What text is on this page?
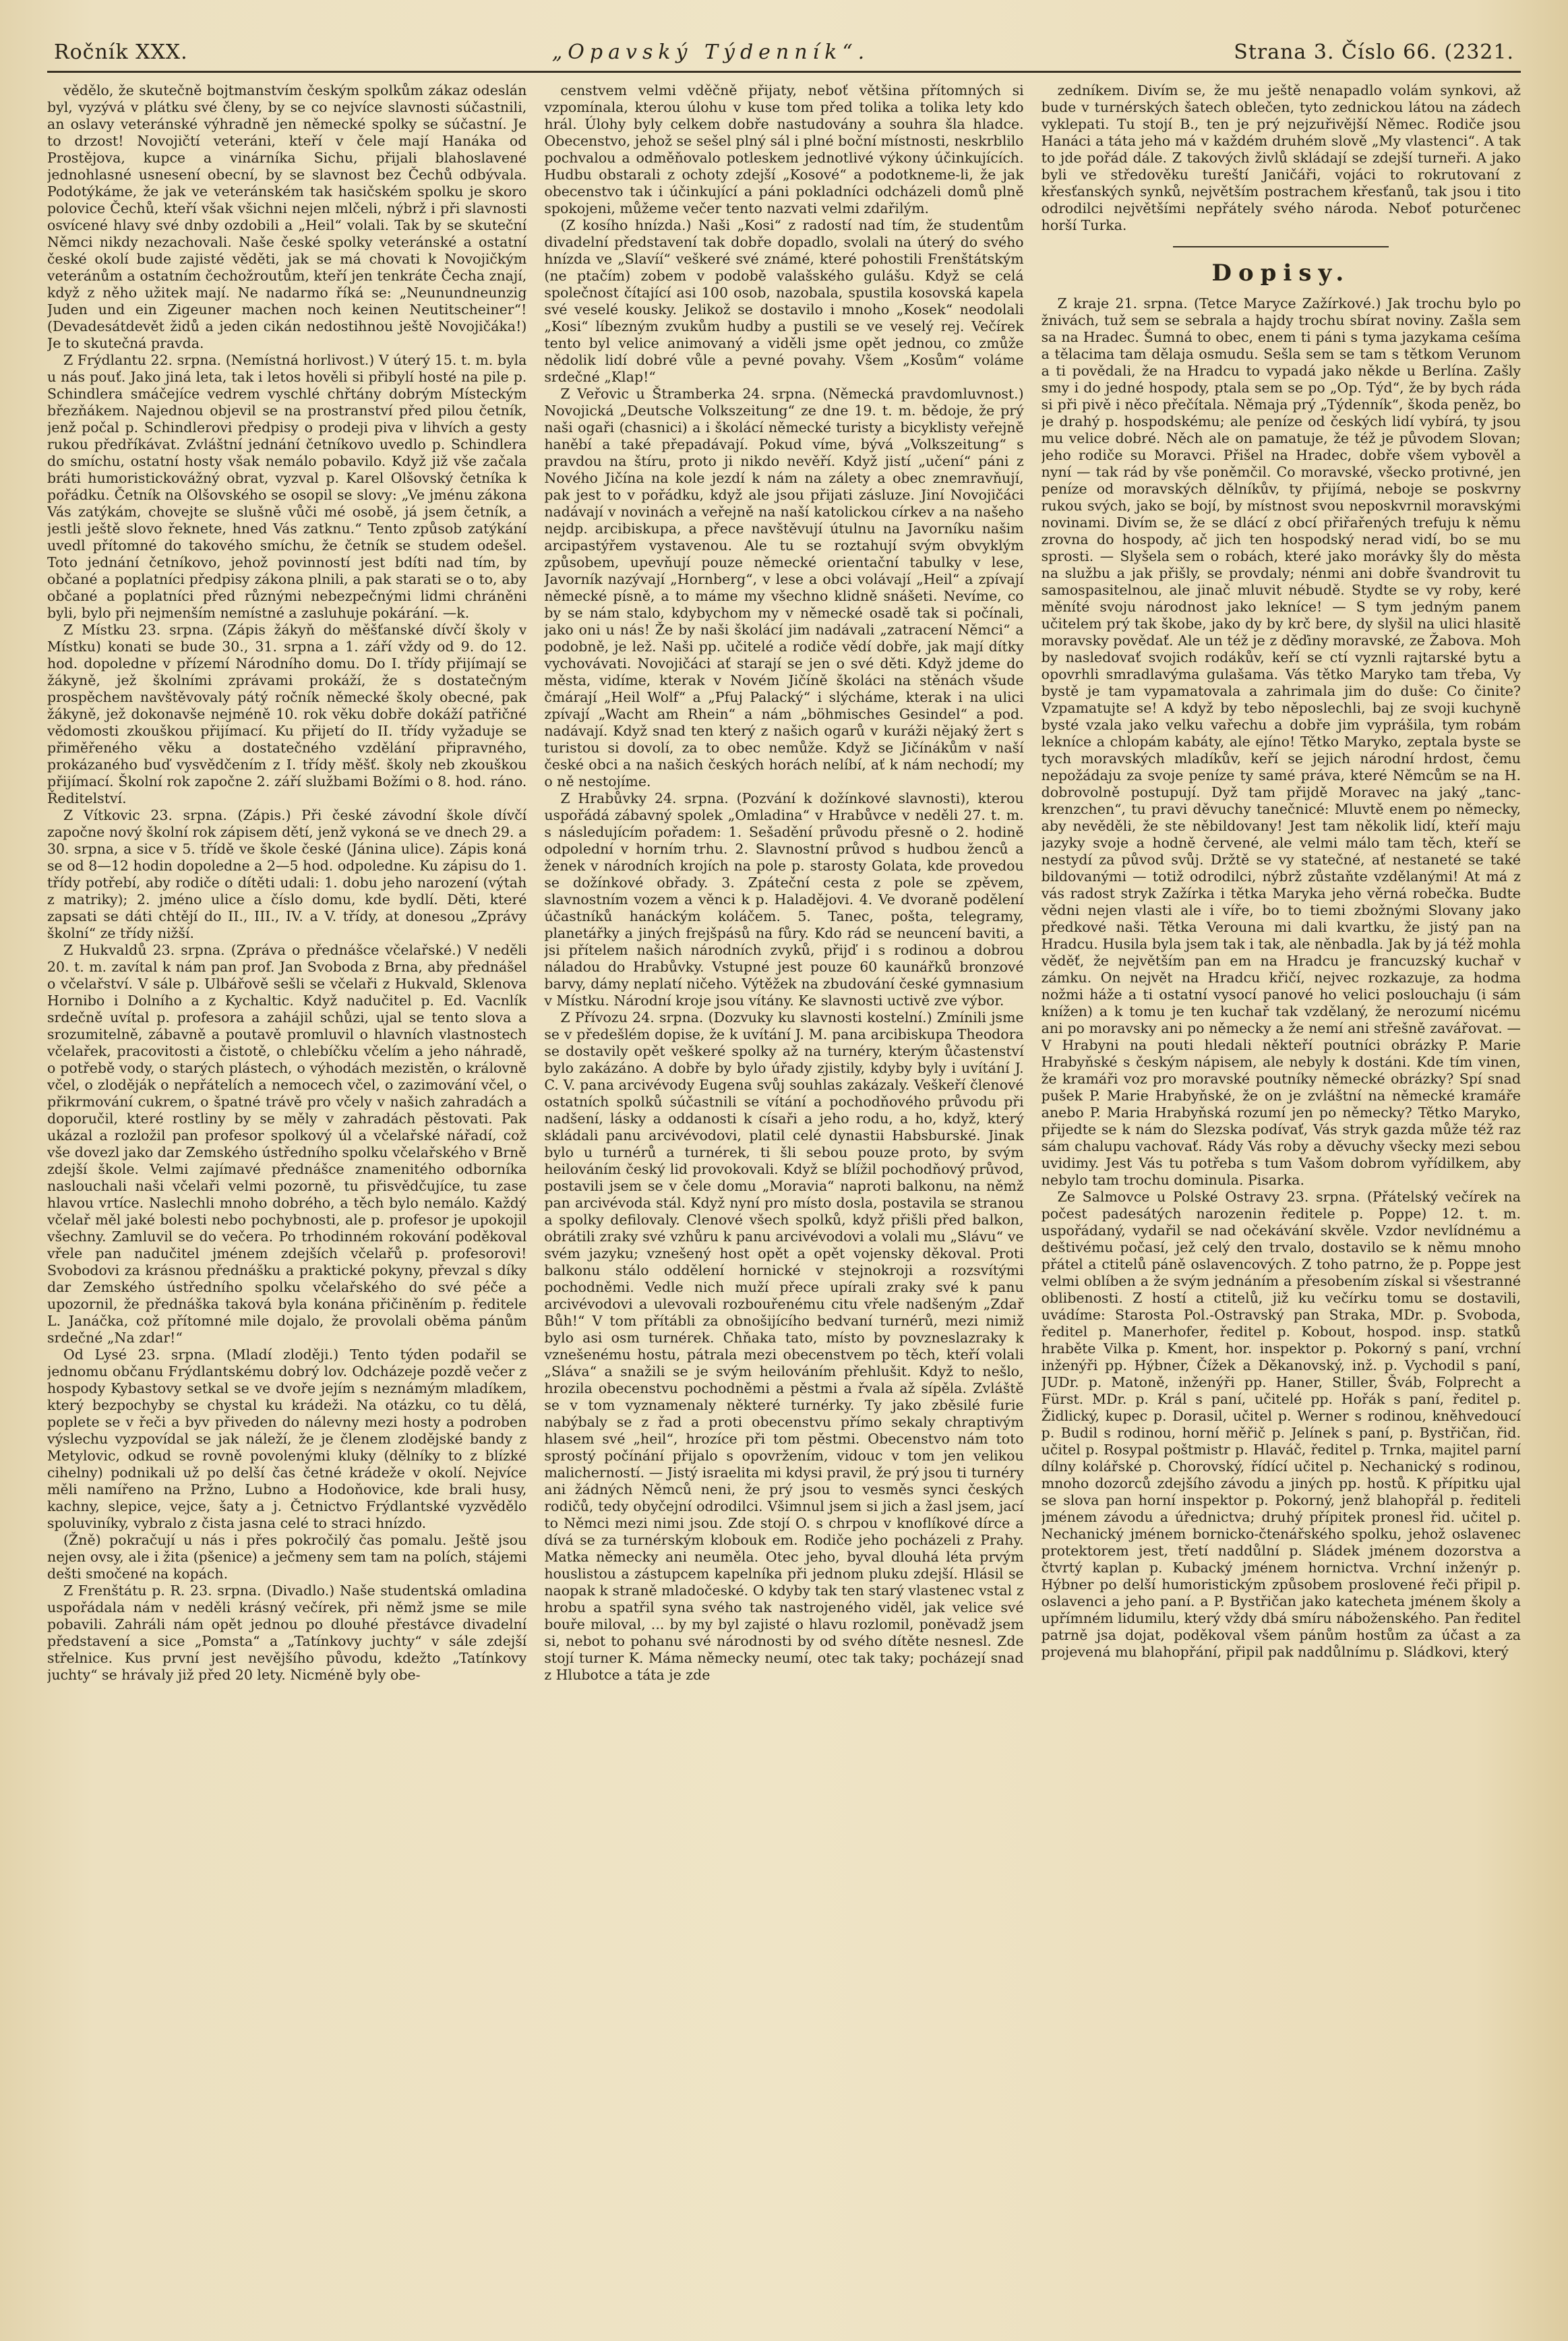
Ročník XXX.	„Opavský Týdenník“.	Strana 3. Číslo 66. (2321.

vědělo, že skutečně bojtmanstvím českým spolkům zákaz odeslán byl, vyzývá v plátku své členy, by se co nejvíce slavnosti súčastnili, an oslavy veteránské výhradně jen německé spolky se súčastní. Je to drzost! Novojičtí veteráni, kteří v čele mají Hanáka od Prostějova, kupce a vinárníka Sichu, přijali blahoslavené jednohlasné usnesení obecní, by se slavnost bez Čechů odbývala. Podotýkáme, že jak ve veteránském tak hasičském spolku je skoro polovice Čechů, kteří však všichni nejen mlčeli, nýbrž i při slavnosti osvícené hlavy své dnby ozdobili a „Heil“ volali. Tak by se skuteční Němci nikdy nezachovali. Naše české spolky veteránské a ostatní české okolí bude zajisté věděti, jak se má chovati k Novojičkým veteránům a ostatním čechožroutům, kteří jen tenkráte Čecha znají, když z něho užitek mají. Ne nadarmo říká se: „Neunundneunzig Juden und ein Zigeuner machen noch keinen Neutitscheiner“! (Devadesátdevět židů a jeden cikán nedostihnou ještě Novojičáka!) Je to skutečná pravda.

Z Frýdlantu 22. srpna. (Nemístná horlivost.) V úterý 15. t. m. byla u nás pouť. Jako jiná leta, tak i letos hověli si přibylí hosté na pile p. Schindlera smáčejíce vedrem vyschlé chřtány dobrým Místeckým březňákem. Najednou objevil se na prostranství před pilou četník, jenž počal p. Schindlerovi předpisy o prodeji piva v lihvích a gesty rukou předříkávat. Zvláštní jednání četníkovo uvedlo p. Schindlera do smíchu, ostatní hosty však nemálo pobavilo. Když již vše začala bráti humoristickovážný obrat, vyzval p. Karel Olšovský četníka k pořádku. Četník na Olšovského se osopil se slovy: „Ve jménu zákona Vás zatýkám, chovejte se slušně vůči mé osobě, já jsem četník, a jestli ještě slovo řeknete, hned Vás zatknu.“ Tento způsob zatýkání uvedl přítomné do takového smíchu, že četník se studem odešel. Toto jednání četníkovo, jehož povinností jest bdíti nad tím, by občané a poplatníci předpisy zákona plnili, a pak starati se o to, aby občané a poplatníci před různými nebezpečnými lidmi chráněni byli, bylo při nejmenším nemístné a zasluhuje pokárání. —k.

Z Místku 23. srpna. (Zápis žákyň do měšťanské dívčí školy v Místku) konati se bude 30., 31. srpna a 1. září vždy od 9. do 12. hod. dopoledne v přízemí Národního domu. Do I. třídy přijímají se žákyně, jež školními zprávami prokáží, že s dostatečným prospěchem navštěvovaly pátý ročník německé školy obecné, pak žákyně, jež dokonavše nejméně 10. rok věku dobře dokáží patřičné vědomosti zkouškou přijímací. Ku přijetí do II. třídy vyžaduje se přiměřeného věku a dostatečného vzdělání připravného, prokázaného buď vysvědčením z I. třídy měšť. školy neb zkouškou přijímací. Školní rok započne 2. září službami Božími o 8. hod. ráno. Ředitelství.

Z Vítkovic 23. srpna. (Zápis.) Při české závodní škole dívčí započne nový školní rok zápisem dětí, jenž vykoná se ve dnech 29. a 30. srpna, a sice v 5. třídě ve škole české (Jánina ulice). Zápis koná se od 8—12 hodin dopoledne a 2—5 hod. odpoledne. Ku zápisu do 1. třídy potřebí, aby rodiče o dítěti udali: 1. dobu jeho narození (výtah z matriky); 2. jméno ulice a číslo domu, kde bydlí. Děti, které zapsati se dáti chtějí do II., III., IV. a V. třídy, at donesou „Zprávy školní“ ze třídy nižší.

Z Hukvaldů 23. srpna. (Zpráva o přednášce včelařské.) V neděli 20. t. m. zavítal k nám pan prof. Jan Svoboda z Brna, aby přednášel o včelařství. V sále p. Ulbářově sešli se včelaři z Hukvald, Sklenova Hornibo i Dolního a z Kychaltic. Když nadučitel p. Ed. Vacnlík srdečně uvítal p. profesora a zahájil schůzi, ujal se tento slova a srozumitelně, zábavně a poutavě promluvil o hlavních vlastnostech včelařek, pracovitosti a čistotě, o chlebíčku včelím a jeho náhradě, o potřebě vody, o starých plástech, o výhodách mezistěn, o královně včel, o zloděják o nepřátelích a nemocech včel, o zazimování včel, o přikrmování cukrem, o špatné trávě pro včely v našich zahradách a doporučil, které rostliny by se měly v zahradách pěstovati. Pak ukázal a rozložil pan profesor spolkový úl a včelařské nářadí, což vše dovezl jako dar Zemského ústředního spolku včelařského v Brně zdejší škole. Velmi zajímavé přednášce znamenitého odborníka naslouchali naši včelaři velmi pozorně, tu přisvědčujíce, tu zase hlavou vrtíce. Naslechli mnoho dobrého, a těch bylo nemálo. Každý včelař měl jaké bolesti nebo pochybnosti, ale p. profesor je upokojil všechny. Zamluvil se do večera. Po trhodinném rokování poděkoval vřele pan nadučitel jménem zdejších včelařů p. profesorovi! Svobodovi za krásnou přednášku a praktické pokyny, převzal s díky dar Zemského ústředního spolku včelařského do své péče a upozornil, že přednáška taková byla konána přičiněním p. ředitele L. Janáčka, což přítomné mile dojalo, že provolali oběma pánům srdečné „Na zdar!“

Od Lysé 23. srpna. (Mladí zloději.) Tento týden podařil se jednomu občanu Frýdlantskému dobrý lov. Odcházeje pozdě večer z hospody Kybastovy setkal se ve dvoře jejím s neznámým mladíkem, který bezpochyby se chystal ku krádeži. Na otázku, co tu dělá, poplete se v řeči a byv přiveden do nálevny mezi hosty a podroben výslechu vyzpovídal se jak náleží, že je členem zlodějské bandy z Metylovic, odkud se rovně povolenými kluky (dělníky to z blízké cihelny) podnikali už po delší čas četné krádeže v okolí. Nejvíce měli namířeno na Pržno, Lubno a Hodoňovice, kde brali husy, kachny, slepice, vejce, šaty a j. Četnictvo Frýdlantské vyzvědělo spoluviníky, vybralo z čista jasna celé to straci hnízdo.

(Žně) pokračují u nás i přes pokročilý čas pomalu. Ještě jsou nejen ovsy, ale i žita (pšenice) a ječmeny sem tam na polích, stájemi dešti smočené na kopách.

Z Frenštátu p. R. 23. srpna. (Divadlo.) Naše studentská omladina uspořádala nám v neděli krásný večírek, při němž jsme se mile pobavili. Zahráli nám opět jednou po dlouhé přestávce divadelní představení a sice „Pomsta“ a „Tatínkovy juchty“ v sále zdejší střelnice. Kus první jest nevějšího původu, kdežto „Tatínkovy juchty“ se hrávaly již před 20 lety. Nicméně byly obe-

censtvem velmi vděčně přijaty, neboť většina přítomných si vzpomínala, kterou úlohu v kuse tom před tolika a tolika lety kdo hrál. Úlohy byly celkem dobře nastudovány a souhra šla hladce. Obecenstvo, jehož se sešel plný sál i plné boční místnosti, neskrblilo pochvalou a odměňovalo potleskem jednotlivé výkony účinkujících. Hudbu obstarali z ochoty zdejší „Kosové“ a podotkneme-li, že jak obecenstvo tak i účinkující a páni pokladníci odcházeli domů plně spokojeni, můžeme večer tento nazvati velmi zdařilým.

(Z kosího hnízda.) Naši „Kosi“ z radostí nad tím, že studentům divadelní představení tak dobře dopadlo, svolali na úterý do svého hnízda ve „Slavíí“ veškeré své známé, které pohostili Frenštátským (ne ptačím) zobem v podobě valašského gulášu. Když se celá společnost čítající asi 100 osob, nazobala, spustila kosovská kapela své veselé kousky. Jelikož se dostavilo i mnoho „Kosek“ neodolali „Kosi“ líbezným zvukům hudby a pustili se ve veselý rej. Večírek tento byl velice animovaný a viděli jsme opět jednou, co zmůže nědolik lidí dobré vůle a pevné povahy. Všem „Kosům“ voláme srdečné „Klap!“

Z Veřovic u Štramberka 24. srpna. (Německá pravdomluvnost.) Novojická „Deutsche Volkszeitung“ ze dne 19. t. m. bědoje, že prý naši ogaři (chasnici) a i školácí německé turisty a bicyklisty veřejně haněbí a také přepadávají. Pokud víme, bývá „Volkszeitung“ s pravdou na štíru, proto ji nikdo nevěří. Když jistí „učení“ páni z Nového Jičína na kole jezdí k nám na zálety a obec znemravňují, pak jest to v pořádku, když ale jsou přijati zásluze. Jiní Novojičáci nadávají v novinách a veřejně na naší katolickou církev a na našeho nejdp. arcibiskupa, a přece navštěvují útulnu na Javorníku našim arcipastýřem vystavenou. Ale tu se roztahují svým obvyklým způsobem, upevňují pouze německé orientační tabulky v lese, Javorník nazývají „Hornberg“, v lese a obci volávají „Heil“ a zpívají německé písně, a to máme my všechno klidně snášeti. Nevíme, co by se nám stalo, kdybychom my v německé osadě tak si počínali, jako oni u nás! Že by naši školácí jim nadávali „zatracení Němci“ a podobně, je lež. Naši pp. učitelé a rodiče vědí dobře, jak mají dítky vychovávati. Novojičáci ať starají se jen o své děti. Když jdeme do města, vidíme, kterak v Novém Jičíně školáci na stěnách všude čmárají „Heil Wolf“ a „Pfuj Palacký“ i slýcháme, kterak i na ulici zpívají „Wacht am Rhein“ a nám „böhmisches Gesindel“ a pod. nadávají. Když snad ten který z našich ogarů v kuráži nějaký žert s turistou si dovolí, za to obec nemůže. Když se Jičínákům v naší české obci a na našich českých horách nelíbí, ať k nám nechodí; my o ně nestojíme.

Z Hrabůvky 24. srpna. (Pozvání k dožínkové slavnosti), kterou uspořádá zábavný spolek „Omladina“ v Hrabůvce v neděli 27. t. m. s následujícím pořadem: 1. Sešadění průvodu přesně o 2. hodině odpolední v horním trhu. 2. Slavnostní průvod s hudbou ženců a ženek v národních krojích na pole p. starosty Golata, kde provedou se dožínkové obřady. 3. Zpáteční cesta z pole se zpěvem, slavnostním vozem a věnci k p. Haladějovi. 4. Ve dvoraně podělení účastníků hanáckým koláčem. 5. Tanec, pošta, telegramy, planetářky a jiných frejšpásů na fůry. Kdo rád se neuncení baviti, a jsi přítelem našich národních zvyků, přijď i s rodinou a dobrou náladou do Hrabůvky. Vstupné jest pouze 60 kaunářků bronzové barvy, dámy neplatí ničeho. Výtěžek na zbudování české gymnasium v Místku. Národní kroje jsou vítány. Ke slavnosti uctivě zve výbor.

Z Přívozu 24. srpna. (Dozvuky ku slavnosti kostelní.) Zmínili jsme se v předešlém dopise, že k uvítání J. M. pana arcibiskupa Theodora se dostavily opět veškeré spolky až na turnéry, kterým ůčastenství bylo zakázáno. A dobře by bylo úřady zjistily, kdyby byly i uvítání J. C. V. pana arcivévody Eugena svůj souhlas zakázaly. Veškeří členové ostatních spolků súčastnili se vítání a pochodňového průvodu při nadšení, lásky a oddanosti k císaři a jeho rodu, a ho, když, který skládali panu arcivévodovi, platil celé dynastii Habsburské. Jinak bylo u turnérů a turnérek, ti šli sebou pouze proto, by svým heilováním český lid provokovali. Když se blížil pochodňový průvod, postavili jsem se v čele domu „Moravia“ naproti balkonu, na němž pan arcivévoda stál. Když nyní pro místo dosla, postavila se stranou a spolky defilovaly. Clenové všech spolků, když přišli před balkon, obrátili zraky své vzhůru k panu arcivévodovi a volali mu „Slávu“ ve svém jazyku; vznešený host opět a opět vojensky děkoval. Proti balkonu stálo oddělení hornické v stejnokroji a rozsvítými pochodněmi. Vedle nich muží přece upírali zraky své k panu arcivévodovi a ulevovali rozbouřenému citu vřele nadšeným „Zdař Bůh!“ V tom přítábli za obnošijícího bedvaní turnérů, mezi nimiž bylo asi osm turnérek. Chňaka tato, místo by povzneslazraky k vznešenému hostu, pátrala mezi obecenstvem po těch, kteří volali „Sláva“ a snažili se je svým heilováním přehlušit. Když to nešlo, hrozila obecenstvu pochodněmi a pěstmi a řvala až sípěla. Zvláště se v tom vyznamenaly některé turnérky. Ty jako zběsilé furie nabýbaly se z řad a proti obecenstvu přímo sekaly chraptivým hlasem své „heil“, hrozíce při tom pěstmi. Obecenstvo nám toto sprostý počínání přijalo s opovržením, vidouc v tom jen velikou malicherností. — Jistý israelita mi kdysi pravil, že prý jsou ti turnéry ani žádných Němců neni, že prý jsou to vesměs synci českých rodičů, tedy obyčejní odrodilci. Všimnul jsem si jich a žasl jsem, jací to Němci mezi nimi jsou. Zde stojí O. s chrpou v knoflíkové dírce a dívá se za turnérským klobouk em. Rodiče jeho pocházeli z Prahy. Matka německy ani neuměla. Otec jeho, byval dlouhá léta prvým houslistou a zástupcem kapelníka při jednom pluku zdejší. Hlásil se naopak k straně mladočeské. O kdyby tak ten starý vlastenec vstal z hrobu a spatřil syna svého tak nastrojeného viděl, jak velice své bouře miloval, ... by my byl zajisté o hlavu rozlomil, poněvadž jsem si, nebot to pohanu své národnosti by od svého dítěte nesnesl. Zde stojí turner K. Máma německy neumí, otec tak taky; pocházejí snad z Hlubotce a táta je zde

zedníkem. Divím se, že mu ještě nenapadlo volám synkovi, až bude v turnérských šatech oblečen, tyto zednickou látou na zádech vyklepati. Tu stojí B., ten je prý nejzuřivější Němec. Rodiče jsou Hanáci a táta jeho má v každém druhém slově „My vlastenci“. A tak to jde pořád dále. Z takových živlů skládají se zdejší turneři. A jako byli ve středověku tureští Janičáři, vojáci to rokrutovaní z křesťanských synků, největším postrachem křesťanů, tak jsou i tito odrodilci největšími nepřátely svého národa. Neboť poturčenec horší Turka.

Dopisy.

Z kraje 21. srpna. (Tetce Maryce Zažírkové.) Jak trochu bylo po žnivách, tuž sem se sebrala a hajdy trochu sbírat noviny. Zašla sem sa na Hradec. Šumná to obec, enem ti páni s tyma jazykama cešíma a tělacima tam dělaja osmudu. Sešla sem se tam s tětkom Verunom a ti povědali, že na Hradcu to vypadá jako někde u Berlína. Zašly smy i do jedné hospody, ptala sem se po „Op. Týd“, že by bych ráda si při pivě i něco přečítala. Němaja prý „Týdenník“, škoda peněz, bo je drahý p. hospodskému; ale peníze od českých lidí vybírá, ty jsou mu velice dobré. Něch ale on pamatuje, že též je původem Slovan; jeho rodiče su Moravci. Přišel na Hradec, dobře všem vybověl a nyní — tak rád by vše poněmčil. Co moravské, všecko protivné, jen peníze od moravských dělníkův, ty přijímá, neboje se poskvrny rukou svých, jako se bojí, by místnost svou neposkvrnil moravskými novinami. Divím se, že se dlácí z obcí přiřařených trefuju k němu zrovna do hospody, ač jich ten hospodský nerad vidí, bo se mu sprosti. — Slyšela sem o robách, které jako morávky šly do města na službu a jak přišly, se provdaly; nénmi ani dobře švandrovit tu samospasitelnou, ale jinač mluvit nébudě. Stydte se vy roby, keré měníté svoju národnost jako lekníce! — S tym jedným panem učitelem prý tak škobe, jako dy by krč bere, dy slyšil na ulici hlasitě moravsky povědať. Ale un též je z děďiny moravské, ze Žabova. Moh by nasledovať svojich rodákův, keří se ctí vyznli rajtarské bytu a opovrhli smradlavýma gulašama. Vás tětko Maryko tam třeba, Vy bystě je tam vypamatovala a zahrimala jim do duše: Co činite? Vzpamatujte se! A když by tebo něposlechli, baj ze svoji kuchyně bysté vzala jako velku vařechu a dobře jim vyprášila, tym robám lekníce a chlopám kabáty, ale ejíno! Tětko Maryko, zeptala byste se tych moravských mladíkův, keří se jejich národní hrdost, čemu nepožádaju za svoje peníze ty samé práva, které Němcům se na H. dobrovolně postupují. Dyž tam přijdě Moravec na jaký „tanc-krenzchen“, tu pravi děvuchy tanečnicé: Mluvtě enem po německy, aby nevěděli, že ste něbildovany! Jest tam několik lidí, kteří maju jazyky svoje a hodně červené, ale velmi málo tam těch, kteří se nestydí za původ svůj. Držtě se vy statečné, ať nestaneté se také bildovanými — totiž odrodilci, nýbrž zůstaňte vzdělanými! At má z vás radost stryk Zažírka i tětka Maryka jeho věrná robečka. Budte vědni nejen vlasti ale i víře, bo to tiemi zbožnými Slovany jako předkové naši. Tětka Verouna mi dali kvartku, že jistý pan na Hradcu. Husila byla jsem tak i tak, ale něnbadla. Jak by já též mohla věděť, že největším pan em na Hradcu je francuzský kuchař v zámku. On největ na Hradcu křičí, nejvec rozkazuje, za hodma nožmi háže a ti ostatní vysocí panové ho velici poslouchaju (i sám knížen) a k tomu je ten kuchař tak vzdělaný, že nerozumí nicému ani po moravsky ani po německy a že nemí ani střešně zavářovat. — V Hrabyni na pouti hledali někteří poutníci obrázky P. Marie Hrabyňské s českým nápisem, ale nebyly k dostáni. Kde tím vinen, že kramáři voz pro moravské poutníky německé obrázky? Spí snad pušek P. Marie Hrabyňské, že on je zvláštní na německé kramáře anebo P. Maria Hrabyňská rozumí jen po německy? Tětko Maryko, přijedte se k nám do Slezska podívať, Vás stryk gazda může též raz sám chalupu vachovať. Rády Vás roby a děvuchy všecky mezi sebou uvidimy. Jest Vás tu potřeba s tum Vašom dobrom vyřídilkem, aby nebylo tam trochu dominula. Pisarka.

Ze Salmovce u Polské Ostravy 23. srpna. (Přátelský večírek na počest padesátých narozenin ředitele p. Poppe) 12. t. m. uspořádaný, vydařil se nad očekávání skvěle. Vzdor nevlídnému a deštivému počasí, jež celý den trvalo, dostavilo se k němu mnoho přátel a ctitelů páně oslavencových. Z toho patrno, že p. Poppe jest velmi oblíben a že svým jednáním a přesobením získal si všestranné oblibenosti. Z hostí a ctitelů, již ku večírku tomu se dostavili, uvádíme: Starosta Pol.-Ostravský pan Straka, MDr. p. Svoboda, ředitel p. Manerhofer, ředitel p. Kobout, hospod. insp. statků hraběte Vilka p. Kment, hor. inspektor p. Pokorný s paní, vrchní inženýři pp. Hýbner, Čížek a Děkanovský, inž. p. Vychodil s paní, JUDr. p. Matoně, inženýři pp. Haner, Stiller, Šváb, Folprecht a Fürst. MDr. p. Král s paní, učitelé pp. Hořák s paní, ředitel p. Židlický, kupec p. Dorasil, učitel p. Werner s rodinou, kněhvedoucí p. Budil s rodinou, horní měřič p. Jelínek s paní, p. Bystřičan, řid. učitel p. Rosypal poštmistr p. Hlaváč, ředitel p. Trnka, majitel parní dílny kolářské p. Chorovský, řídící učitel p. Nechanický s rodinou, mnoho dozorců zdejšího závodu a jiných pp. hostů. K přípitku ujal se slova pan horní inspektor p. Pokorný, jenž blahopřál p. řediteli jménem závodu a úřednictva; druhý přípitek pronesl řid. učitel p. Nechanický jménem bornicko-čtenářského spolku, jehož oslavenec protektorem jest, třetí naddůlní p. Sládek jménem dozorstva a čtvrtý kaplan p. Kubacký jménem hornictva. Vrchní inženýr p. Hýbner po delší humoristickým způsobem proslovené řeči připil p. oslavenci a jeho paní. a P. Bystřičan jako katecheta jménem školy a upřímném lidumilu, který vždy dbá smíru náboženského. Pan ředitel patrně jsa dojat, poděkoval všem pánům hostům za účast a za projevená mu blahopřání, připil pak naddůlnímu p. Sládkovi, který
